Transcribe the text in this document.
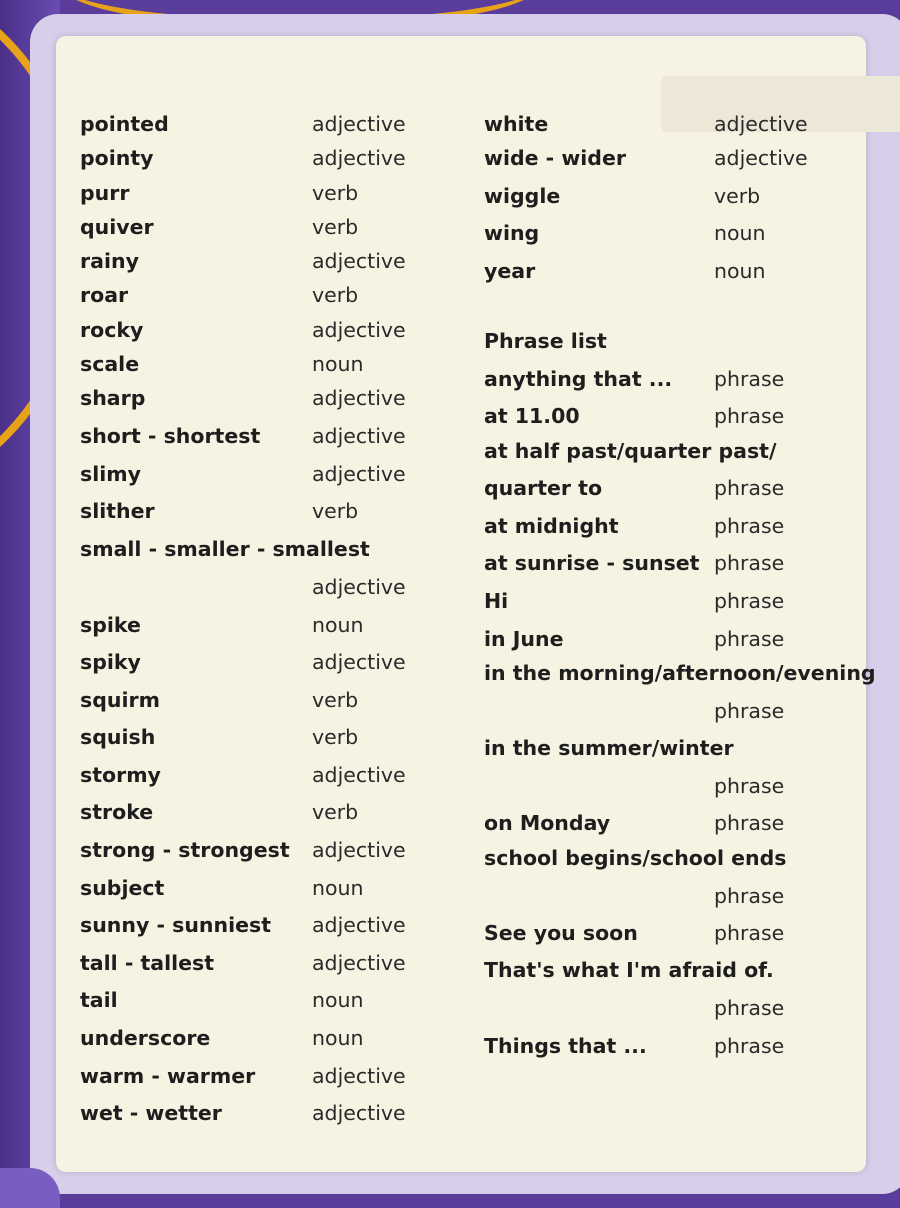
pointed	adjective
pointy	adjective
purr	verb
quiver	verb
rainy	adjective
roar	verb
rocky	adjective
scale	noun
sharp	adjective
short - shortest	adjective
slimy	adjective
slither	verb
small - smaller - smallest
adjective
spike	noun
spiky	adjective
squirm	verb
squish	verb
stormy	adjective
stroke	verb
strong - strongest adjective
subject	noun
sunny - sunniest adjective
tall - tallest	adjective
tail	noun
underscore	noun
warm - warmer	adjective
wet - wetter	adjective
white	adjective
wide - wider	adjective
wiggle	verb
wing	noun
year	noun
Phrase list
anything that ... phrase
at 11.00	phrase
at half past/quarter past/
quarter to	phrase
at midnight	phrase
at sunrise - sunset phrase
Hi	phrase
in June	phrase
in the morning/afternoon/evening
phrase
in the summer/winter
phrase
on Monday	phrase
school begins/school ends
phrase
See you soon	phrase
That's what I'm afraid of.
phrase
Things that ...	phrase
